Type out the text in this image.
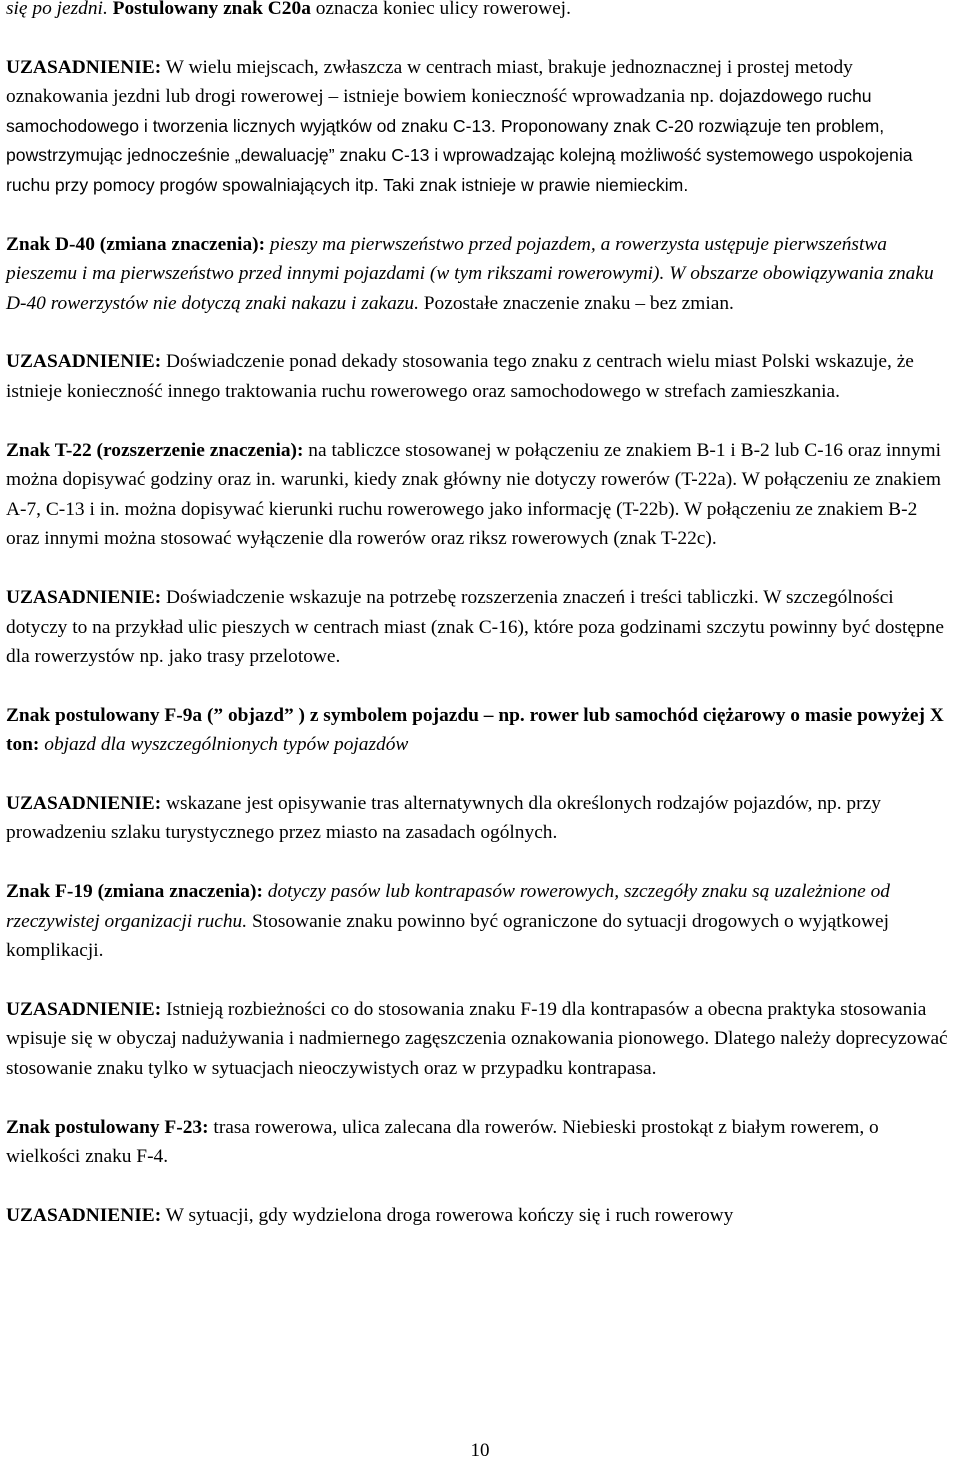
się po jezdni. Postulowany znak C20a oznacza koniec ulicy rowerowej.

UZASADNIENIE: W wielu miejscach, zwłaszcza w centrach miast, brakuje jednoznacznej i prostej metody oznakowania jezdni lub drogi rowerowej – istnieje bowiem konieczność wprowadzania np. dojazdowego ruchu samochodowego i tworzenia licznych wyjątków od znaku C-13. Proponowany znak C-20 rozwiązuje ten problem, powstrzymując jednocześnie „dewaluację” znaku C-13 i wprowadzając kolejną możliwość systemowego uspokojenia ruchu przy pomocy progów spowalniających itp. Taki znak istnieje w prawie niemieckim.

Znak D-40 (zmiana znaczenia): pieszy ma pierwszeństwo przed pojazdem, a rowerzysta ustępuje pierwszeństwa pieszemu i ma pierwszeństwo przed innymi pojazdami (w tym rikszami rowerowymi). W obszarze obowiązywania znaku D-40 rowerzystów nie dotyczą znaki nakazu i zakazu. Pozostałe znaczenie znaku – bez zmian.

UZASADNIENIE: Doświadczenie ponad dekady stosowania tego znaku z centrach wielu miast Polski wskazuje, że istnieje konieczność innego traktowania ruchu rowerowego oraz samochodowego w strefach zamieszkania.

Znak T-22 (rozszerzenie znaczenia): na tabliczce stosowanej w połączeniu ze znakiem B-1 i B-2 lub C-16 oraz innymi można dopisywać godziny oraz in. warunki, kiedy znak główny nie dotyczy rowerów (T-22a). W połączeniu ze znakiem A-7, C-13 i in. można dopisywać kierunki ruchu rowerowego jako informację (T-22b). W połączeniu ze znakiem B-2 oraz innymi można stosować wyłączenie dla rowerów oraz riksz rowerowych (znak T-22c).

UZASADNIENIE: Doświadczenie wskazuje na potrzebę rozszerzenia znaczeń i treści tabliczki. W szczególności dotyczy to na przykład ulic pieszych w centrach miast (znak C-16), które poza godzinami szczytu powinny być dostępne dla rowerzystów np. jako trasy przelotowe.

Znak postulowany F-9a (” objazd” ) z symbolem pojazdu – np. rower lub samochód ciężarowy o masie powyżej X ton: objazd dla wyszczególnionych typów pojazdów

UZASADNIENIE: wskazane jest opisywanie tras alternatywnych dla określonych rodzajów pojazdów, np. przy prowadzeniu szlaku turystycznego przez miasto na zasadach ogólnych.

Znak F-19 (zmiana znaczenia): dotyczy pasów lub kontrapasów rowerowych, szczegóły znaku są uzależnione od rzeczywistej organizacji ruchu. Stosowanie znaku powinno być ograniczone do sytuacji drogowych o wyjątkowej komplikacji.

UZASADNIENIE: Istnieją rozbieżności co do stosowania znaku F-19 dla kontrapasów a obecna praktyka stosowania wpisuje się w obyczaj nadużywania i nadmiernego zagęszczenia oznakowania pionowego. Dlatego należy doprecyzować stosowanie znaku tylko w sytuacjach nieoczywistych oraz w przypadku kontrapasa.

Znak postulowany F-23: trasa rowerowa, ulica zalecana dla rowerów. Niebieski prostokąt z białym rowerem, o wielkości znaku F-4.

UZASADNIENIE: W sytuacji, gdy wydzielona droga rowerowa kończy się i ruch rowerowy

10
